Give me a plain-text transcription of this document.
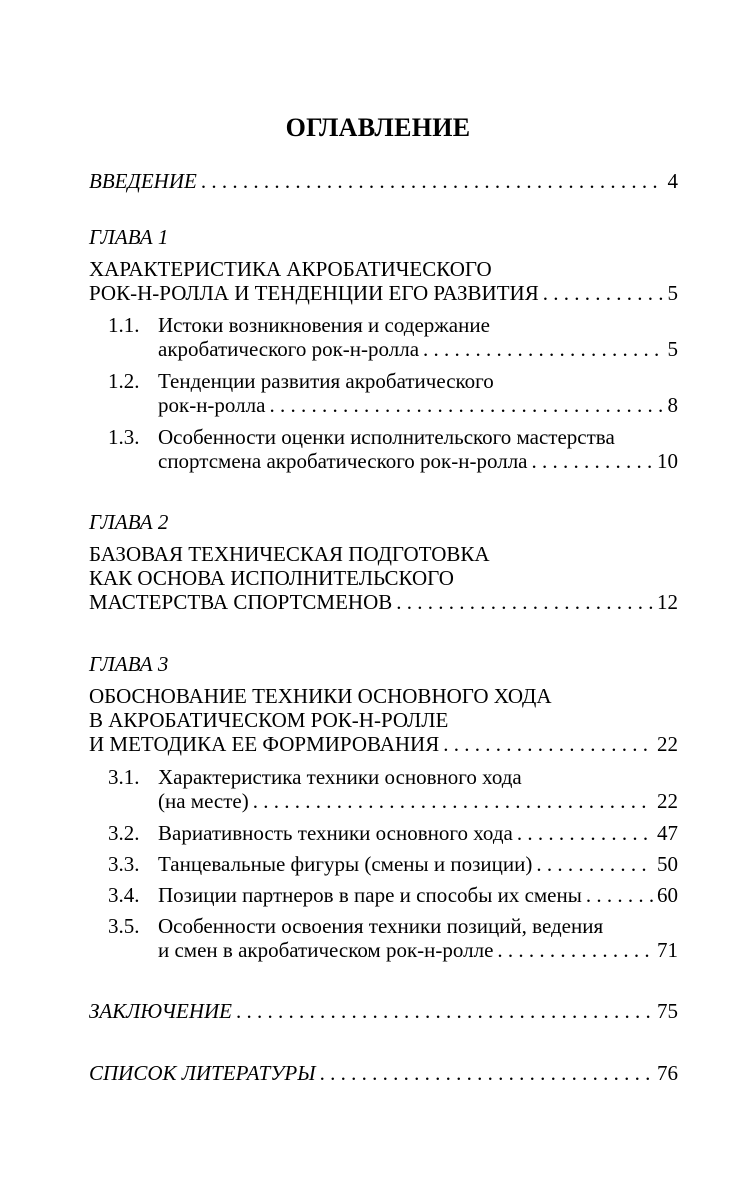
ОГЛАВЛЕНИЕ
ВВЕДЕНИЕ . . .	4
ГЛАВА 1
ХАРАКТЕРИСТИКА АКРОБАТИЧЕСКОГО
РОК-Н-РОЛЛА И ТЕНДЕНЦИИ ЕГО РАЗВИТИЯ . . .	5
1.1. Истоки возникновения и содержание
акробатического рок-н-ролла . . .	5
1.2. Тенденции развития акробатического
рок-н-ролла . . .	8
1.3. Особенности оценки исполнительского мастерства
спортсмена акробатического рок-н-ролла . . .	10
ГЛАВА 2
БАЗОВАЯ ТЕХНИЧЕСКАЯ ПОДГОТОВКА
КАК ОСНОВА ИСПОЛНИТЕЛЬСКОГО
МАСТЕРСТВА СПОРТСМЕНОВ . . .	12
ГЛАВА 3
ОБОСНОВАНИЕ ТЕХНИКИ ОСНОВНОГО ХОДА
В АКРОБАТИЧЕСКОМ РОК-Н-РОЛЛЕ
И МЕТОДИКА ЕЕ ФОРМИРОВАНИЯ . . .	22
3.1. Характеристика техники основного хода
(на месте) . . .	22
3.2. Вариативность техники основного хода . . .	47
3.3. Танцевальные фигуры (смены и позиции) . . .	50
3.4. Позиции партнеров в паре и способы их смены . . .	60
3.5. Особенности освоения техники позиций, ведения
и смен в акробатическом рок-н-ролле . . .	71
ЗАКЛЮЧЕНИЕ . . .	75
СПИСОК ЛИТЕРАТУРЫ . . .	76
